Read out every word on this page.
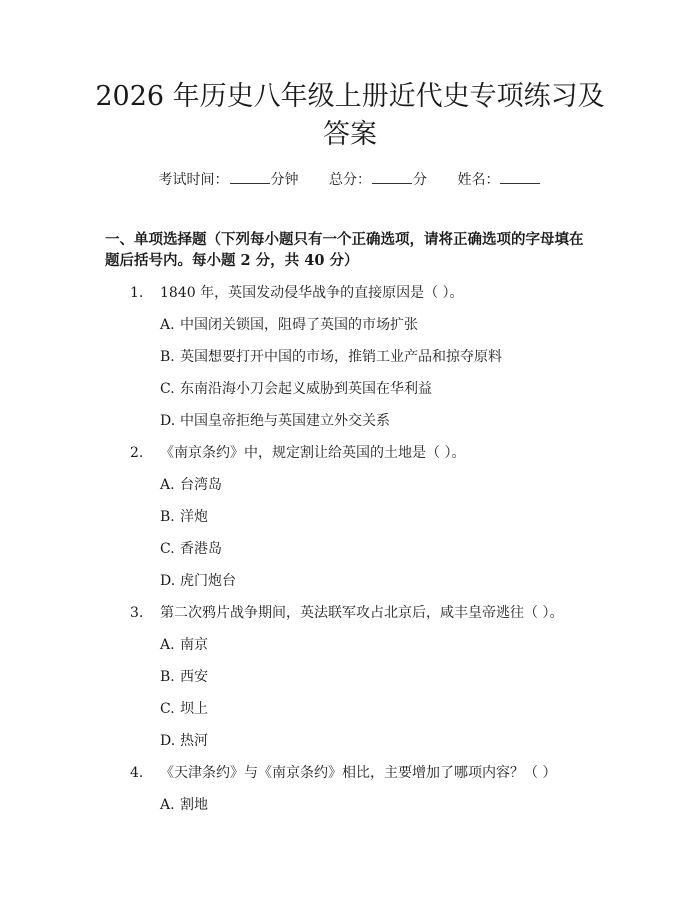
2026 年历史八年级上册近代史专项练习及答案
考试时间：	分钟 总分：	分 姓名：

一、单项选择题（下列每小题只有一个正确选项，请将正确选项的字母填在题后括号内。每小题 2 分，共 40 分）

1. 1840 年，英国发动侵华战争的直接原因是（ ）。
A. 中国闭关锁国，阻碍了英国的市场扩张
B. 英国想要打开中国的市场，推销工业产品和掠夺原料
C. 东南沿海小刀会起义威胁到英国在华利益
D. 中国皇帝拒绝与英国建立外交关系
2. 《南京条约》中，规定割让给英国的土地是（ ）。
A. 台湾岛
B. 洋炮
C. 香港岛
D. 虎门炮台
3. 第二次鸦片战争期间，英法联军攻占北京后，咸丰皇帝逃往（ ）。
A. 南京
B. 西安
C. 坝上
D. 热河
4. 《天津条约》与《南京条约》相比，主要增加了哪项内容？（ ）
A. 割地
